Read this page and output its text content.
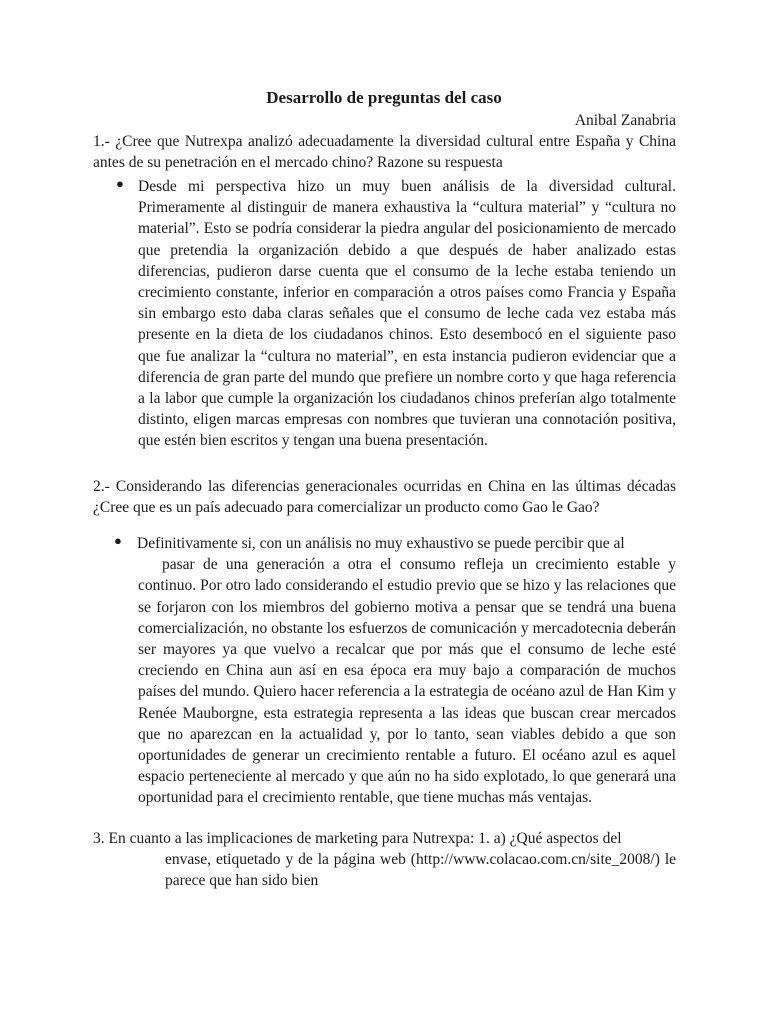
Desarrollo de preguntas del caso
Anibal Zanabria

1.- ¿Cree que Nutrexpa analizó adecuadamente la diversidad cultural entre España y China antes de su penetración en el mercado chino? Razone su respuesta

● Desde mi perspectiva hizo un muy buen análisis de la diversidad cultural. Primeramente al distinguir de manera exhaustiva la “cultura material” y “cultura no material”. Esto se podría considerar la piedra angular del posicionamiento de mercado que pretendia la organización debido a que después de haber analizado estas diferencias, pudieron darse cuenta que el consumo de la leche estaba teniendo un crecimiento constante, inferior en comparación a otros países como Francia y España sin embargo esto daba claras señales que el consumo de leche cada vez estaba más presente en la dieta de los ciudadanos chinos. Esto desembocó en el siguiente paso que fue analizar la “cultura no material”, en esta instancia pudieron evidenciar que a diferencia de gran parte del mundo que prefiere un nombre corto y que haga referencia a la labor que cumple la organización los ciudadanos chinos preferían algo totalmente distinto, eligen marcas empresas con nombres que tuvieran una connotación positiva, que estén bien escritos y tengan una buena presentación.

2.- Considerando las diferencias generacionales ocurridas en China en las últimas décadas ¿Cree que es un país adecuado para comercializar un producto como Gao le Gao?

● Definitivamente si, con un análisis no muy exhaustivo se puede percibir que al

pasar de una generación a otra el consumo refleja un crecimiento estable y continuo. Por otro lado considerando el estudio previo que se hizo y las relaciones que se forjaron con los miembros del gobierno motiva a pensar que se tendrá una buena comercialización, no obstante los esfuerzos de comunicación y mercadotecnia deberán ser mayores ya que vuelvo a recalcar que por más que el consumo de leche esté creciendo en China aun así en esa época era muy bajo a comparación de muchos países del mundo. Quiero hacer referencia a la estrategia de océano azul de Han Kim y Renée Mauborgne, esta estrategia representa a las ideas que buscan crear mercados que no aparezcan en la actualidad y, por lo tanto, sean viables debido a que son oportunidades de generar un crecimiento rentable a futuro. El océano azul es aquel espacio perteneciente al mercado y que aún no ha sido explotado, lo que generará una oportunidad para el crecimiento rentable, que tiene muchas más ventajas.

3. En cuanto a las implicaciones de marketing para Nutrexpa: 1. a) ¿Qué aspectos del

envase, etiquetado y de la página web (http://www.colacao.com.cn/site_2008/) le parece que han sido bien
